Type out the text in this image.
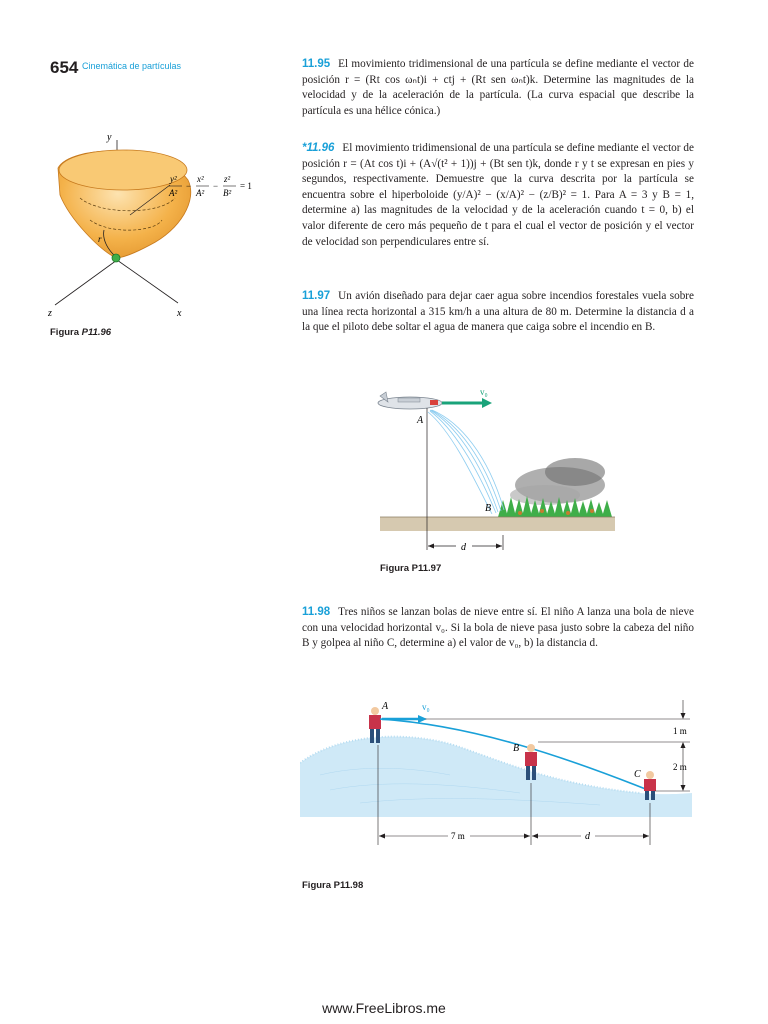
654 Cinemática de partículas	11.95 El movimiento tridimensional de una partícula se define mediante el vector de posición r = (Rt cos ωₙt)i + ctj + (Rt sen ωₙt)k. Determine las magnitudes de la velocidad y de la aceleración de la partícula. (La curva espacial que describe la partícula es una hélice cónica.)
*11.96 El movimiento tridimensional de una partícula se define mediante el vector de posición r = (At cos t)i + (A√(t² + 1))j + (Bt sen t)k, donde r y t se expresan en pies y segundos, respectivamente. Demuestre que la curva descrita por la partícula se encuentra sobre el hiperboloide (y/A)² − (x/A)² − (z/B)² = 1. Para A = 3 y B = 1, determine a) las magnitudes de la velocidad y de la aceleración cuando t = 0, b) el valor diferente de cero más pequeño de t para el cual el vector de posición y el vector de velocidad son perpendiculares entre sí.
11.97 Un avión diseñado para dejar caer agua sobre incendios forestales vuela sobre una línea recta horizontal a 315 km/h a una altura de 80 m. Determine la distancia d a la que el piloto debe soltar el agua de manera que caiga sobre el incendio en B.
11.98 Tres niños se lanzan bolas de nieve entre sí. El niño A lanza una bola de nieve con una velocidad horizontal v₀. Si la bola de nieve pasa justo sobre la cabeza del niño B y golpea al niño C, determine a) el valor de v₀, b) la distancia d.
y
z	x
r
y²
A²
−
x²
A²
−
z²
B²
= 1
Figura P11.96
v₀
A
B
d
Figura P11.97
A	v₀
B
C
1 m
2 m
7 m	d
Figura P11.98
www.FreeLibros.me
